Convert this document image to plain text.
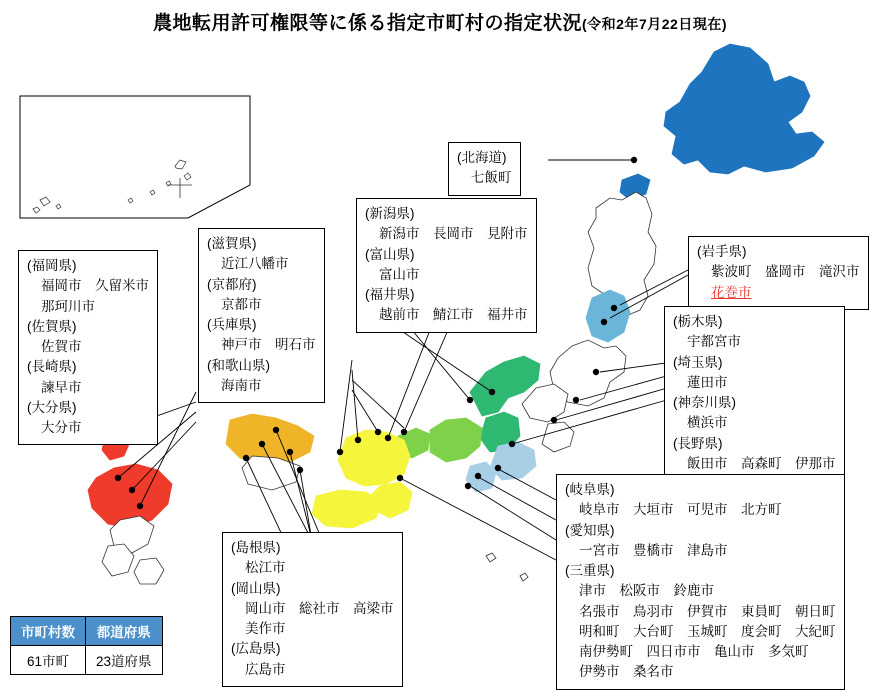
農地転用許可権限等に係る指定市町村の指定状況(令和2年7月22日現在)
(北海道)
七飯町
(岩手県)
紫波町　盛岡市　滝沢市
花巻市
(栃木県)
宇都宮市
(埼玉県)
蓮田市
(神奈川県)
横浜市
(長野県)
飯田市　高森町　伊那市
(新潟県)
新潟市　長岡市　見附市
(富山県)
富山市
(福井県)
越前市　鯖江市　福井市
(滋賀県)
近江八幡市
(京都府)
京都市
(兵庫県)
神戸市　明石市
(和歌山県)
海南市
(福岡県)
福岡市　久留米市
那珂川市
(佐賀県)
佐賀市
(長崎県)
諫早市
(大分県)
大分市
(島根県)
松江市
(岡山県)
岡山市　総社市　高梁市
美作市
(広島県)
広島市
(岐阜県)
岐阜市　大垣市　可児市　北方町
(愛知県)
一宮市　豊橋市　津島市
(三重県)
津市　松阪市　鈴鹿市
名張市　鳥羽市　伊賀市　東員町　朝日町
明和町　大台町　玉城町　度会町　大紀町
南伊勢町　四日市市　亀山市　多気町
伊勢市　桑名市
市町村数	都道府県
61市町	23道府県
